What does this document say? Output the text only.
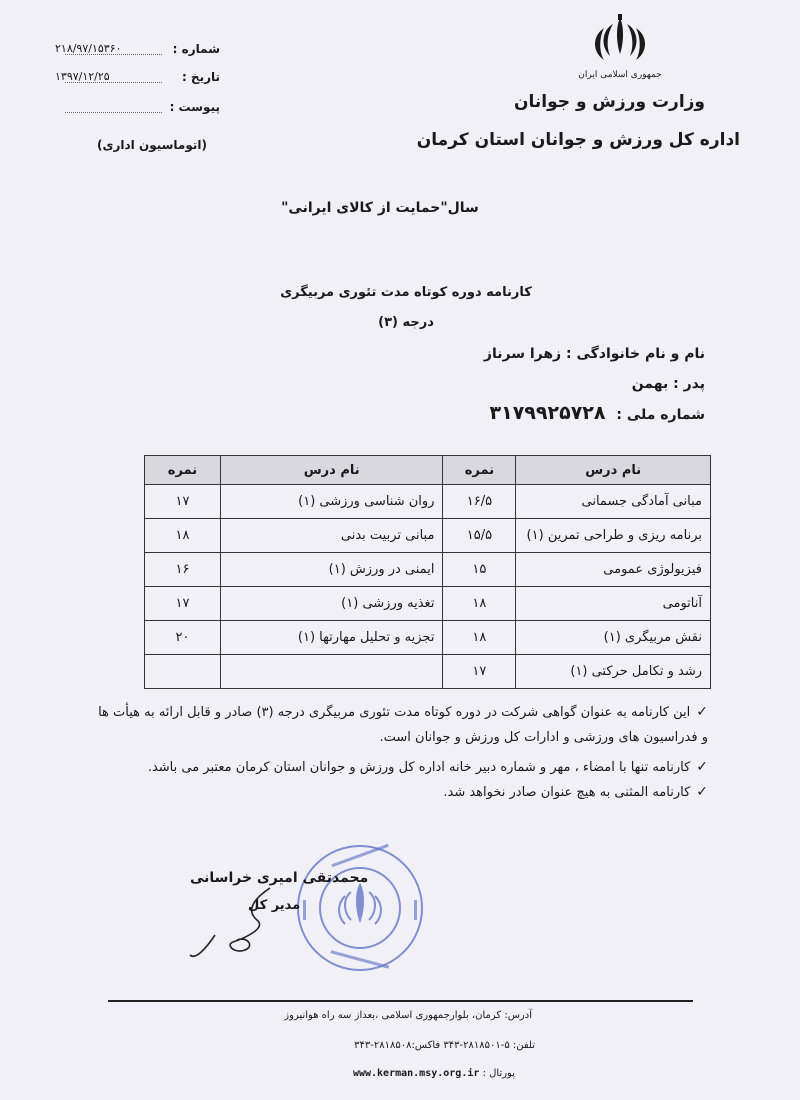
جمهوری اسلامی ایران
وزارت ورزش و جوانان
اداره کل ورزش و جوانان استان کرمان
۲۱۸/۹۷/۱۵۳۶۰	شماره :
۱۳۹۷/۱۲/۲۵	تاریخ :
پیوست :
(اتوماسیون اداری)
سال"حمایت از کالای ایرانی"
کارنامه دوره کوتاه مدت تئوری مربیگری
درجه (۳)
نام و نام خانوادگی : زهرا سرناز
پدر : بهمن
شماره ملی : ۳۱۷۹۹۲۵۷۲۸
نام درس	نمره	نام درس	نمره
مبانی آمادگی جسمانی	۱۶/۵	روان شناسی ورزشی (۱)	۱۷
برنامه ریزی و طراحی تمرین (۱)	۱۵/۵	مبانی تربیت بدنی	۱۸
فیزیولوژی عمومی	۱۵	ایمنی در ورزش (۱)	۱۶
آناتومی	۱۸	تغذیه ورزشی (۱)	۱۷
نقش مربیگری (۱)	۱۸	تجزیه و تحلیل مهارتها (۱)	۲۰
رشد و تکامل حرکتی (۱)	۱۷		
✓این کارنامه به عنوان گواهی شرکت در دوره کوتاه مدت تئوری مربیگری درجه (۳) صادر و قابل ارائه به هیأت ها و فدراسیون های ورزشی و ادارات کل ورزش و جوانان است.
✓کارنامه تنها با امضاء ، مهر و شماره دبیر خانه اداره کل ورزش و جوانان استان کرمان معتبر می باشد.
✓کارنامه المثنی به هیچ عنوان صادر نخواهد شد.
محمدتقی امیری خراسانی
مدیر کل
آدرس: کرمان، بلوارجمهوری اسلامی ،بعداز سه راه هوانیروز
تلفن: ۵-۲۸۱۸۵۰۱-۳۴۳ فاکس:۲۸۱۸۵۰۸-۳۴۳
پورتال : www.kerman.msy.org.ir
